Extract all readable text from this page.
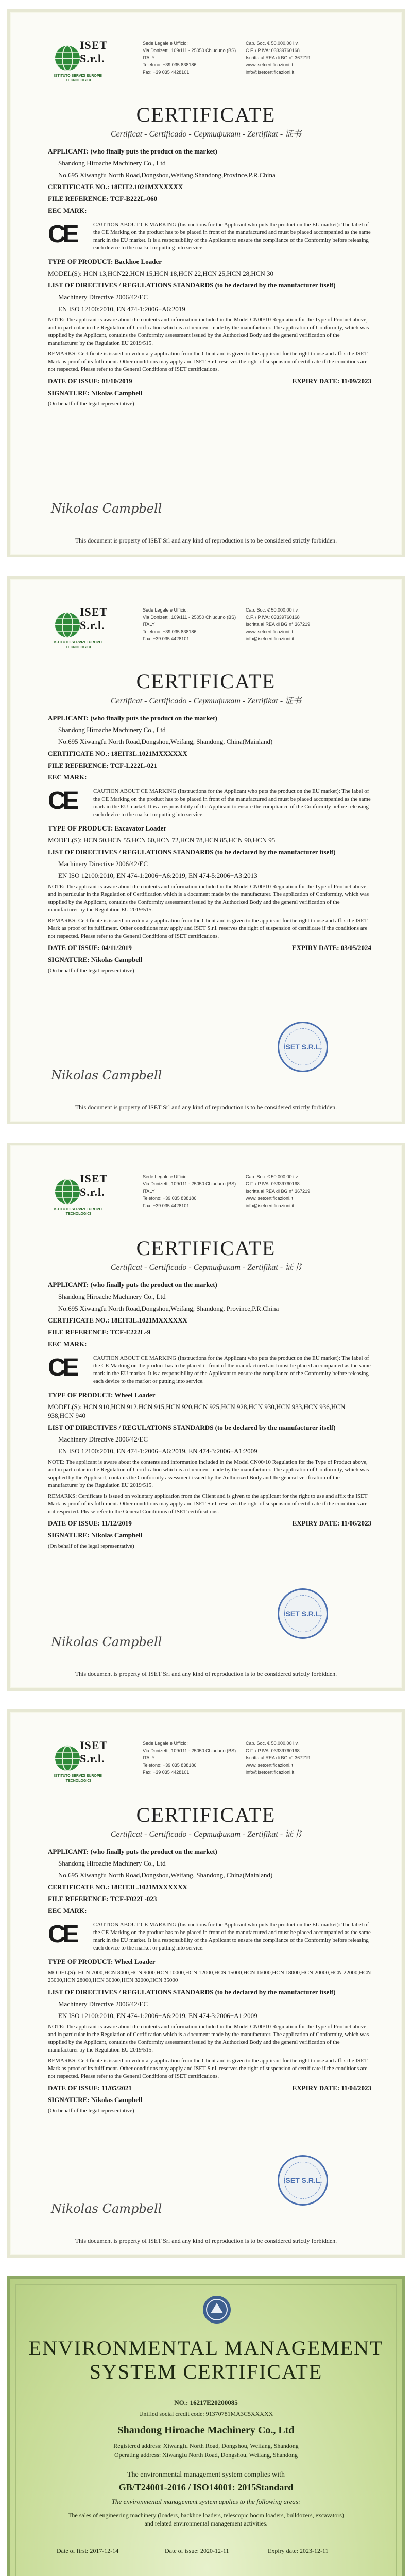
ISET S.r.l.
ISTITUTO SERVIZI EUROPEI TECNOLOGICI
Sede Legale e Ufficio:
Via Donizetti, 109/111 - 25050 Chiuduno (BS)
ITALY
Telefono: +39 035 838186
Fax: +39 035 4428101
Cap. Soc. € 50.000,00 i.v.
C.F. / P.IVA: 03339760168
Iscritta al REA di BG n° 367219
www.isetcertificazioni.it
info@isetcertificazioni.it
CERTIFICATE
Certificat - Certificado - Сертификат - Zertifikat - 证书
APPLICANT: (who finally puts the product on the market)
Shandong Hiroache Machinery Co., Ltd
No.695 Xiwangfu North Road,Dongshou,Weifang,Shandong,Province,P.R.China
CERTIFICATE NO.: 18EIT2.1021MXXXXXX
FILE REFERENCE: TCF-B222L-060
EEC MARK:
CE	CAUTION ABOUT CE MARKING (Instructions for the Applicant who puts the product on the EU market): The label of the CE Marking on the product has to be placed in front of the manufactured and must be placed accompanied as the same mark in the EU market. It is a responsibility of the Applicant to ensure the compliance of the Conformity before releasing each device to the market or putting into service.
TYPE OF PRODUCT: Backhoe Loader
MODEL(S): HCN 13,HCN22,HCN 15,HCN 18,HCN 22,HCN 25,HCN 28,HCN 30
LIST OF DIRECTIVES / REGULATIONS STANDARDS (to be declared by the manufacturer itself)
Machinery Directive 2006/42/EC
EN ISO 12100:2010, EN 474-1:2006+A6:2019
NOTE: The applicant is aware about the contents and information included in the Model CN00/10 Regulation for the Type of Product above, and in particular in the Regulation of Certification which is a document made by the manufacturer. The application of Conformity, which was supplied by the Applicant, contains the Conformity assessment issued by the Authorized Body and the general verification of the manufacturer by the Regulation EU 2019/515.
REMARKS: Certificate is issued on voluntary application from the Client and is given to the applicant for the right to use and affix the ISET Mark as proof of its fulfilment. Other conditions may apply and ISET S.r.l. reserves the right of suspension of certificate if the conditions are not respected. Please refer to the General Conditions of ISET certifications.
DATE OF ISSUE: 01/10/2019	EXPIRY DATE: 11/09/2023
SIGNATURE: Nikolas Campbell
(On behalf of the legal representative)
Nikolas Campbell
This document is property of ISET Srl and any kind of reproduction is to be considered strictly forbidden.
ISET S.r.l.
ISTITUTO SERVIZI EUROPEI TECNOLOGICI
Sede Legale e Ufficio:
Via Donizetti, 109/111 - 25050 Chiuduno (BS)
ITALY
Telefono: +39 035 838186
Fax: +39 035 4428101
Cap. Soc. € 50.000,00 i.v.
C.F. / P.IVA: 03339760168
Iscritta al REA di BG n° 367219
www.isetcertificazioni.it
info@isetcertificazioni.it
CERTIFICATE
Certificat - Certificado - Сертификат - Zertifikat - 证书
APPLICANT: (who finally puts the product on the market)
Shandong Hiroache Machinery Co., Ltd
No.695 Xiwangfu North Road,Dongshou,Weifang, Shandong, China(Mainland)
CERTIFICATE NO.: 18EIT3L.1021MXXXXXX
FILE REFERENCE: TCF-L222L-021
EEC MARK:
CE	CAUTION ABOUT CE MARKING (Instructions for the Applicant who puts the product on the EU market): The label of the CE Marking on the product has to be placed in front of the manufactured and must be placed accompanied as the same mark in the EU market. It is a responsibility of the Applicant to ensure the compliance of the Conformity before releasing each device to the market or putting into service.
TYPE OF PRODUCT: Excavator Loader
MODEL(S): HCN 50,HCN 55,HCN 60,HCN 72,HCN 78,HCN 85,HCN 90,HCN 95
LIST OF DIRECTIVES / REGULATIONS STANDARDS (to be declared by the manufacturer itself)
Machinery Directive 2006/42/EC
EN ISO 12100:2010, EN 474-1:2006+A6:2019, EN 474-5:2006+A3:2013
NOTE: The applicant is aware about the contents and information included in the Model CN00/10 Regulation for the Type of Product above, and in particular in the Regulation of Certification which is a document made by the manufacturer. The application of Conformity, which was supplied by the Applicant, contains the Conformity assessment issued by the Authorized Body and the general verification of the manufacturer by the Regulation EU 2019/515.
REMARKS: Certificate is issued on voluntary application from the Client and is given to the applicant for the right to use and affix the ISET Mark as proof of its fulfilment. Other conditions may apply and ISET S.r.l. reserves the right of suspension of certificate if the conditions are not respected. Please refer to the General Conditions of ISET certifications.
DATE OF ISSUE: 04/11/2019	EXPIRY DATE: 03/05/2024
SIGNATURE: Nikolas Campbell
(On behalf of the legal representative)
ISET S.R.L.
Nikolas Campbell
This document is property of ISET Srl and any kind of reproduction is to be considered strictly forbidden.
ISET S.r.l.
ISTITUTO SERVIZI EUROPEI TECNOLOGICI
Sede Legale e Ufficio:
Via Donizetti, 109/111 - 25050 Chiuduno (BS)
ITALY
Telefono: +39 035 838186
Fax: +39 035 4428101
Cap. Soc. € 50.000,00 i.v.
C.F. / P.IVA: 03339760168
Iscritta al REA di BG n° 367219
www.isetcertificazioni.it
info@isetcertificazioni.it
CERTIFICATE
Certificat - Certificado - Сертификат - Zertifikat - 证书
APPLICANT: (who finally puts the product on the market)
Shandong Hiroache Machinery Co., Ltd
No.695 Xiwangfu North Road,Dongshou,Weifang, Shandong, Province,P.R.China
CERTIFICATE NO.: 18EIT3L.1021MXXXXXX
FILE REFERENCE: TCF-E222L-9
EEC MARK:
CE	CAUTION ABOUT CE MARKING (Instructions for the Applicant who puts the product on the EU market): The label of the CE Marking on the product has to be placed in front of the manufactured and must be placed accompanied as the same mark in the EU market. It is a responsibility of the Applicant to ensure the compliance of the Conformity before releasing each device to the market or putting into service.
TYPE OF PRODUCT: Wheel Loader
MODEL(S): HCN 910,HCN 912,HCN 915,HCN 920,HCN 925,HCN 928,HCN 930,HCN 933,HCN 936,HCN 938,HCN 940
LIST OF DIRECTIVES / REGULATIONS STANDARDS (to be declared by the manufacturer itself)
Machinery Directive 2006/42/EC
EN ISO 12100:2010, EN 474-1:2006+A6:2019, EN 474-3:2006+A1:2009
NOTE: The applicant is aware about the contents and information included in the Model CN00/10 Regulation for the Type of Product above, and in particular in the Regulation of Certification which is a document made by the manufacturer. The application of Conformity, which was supplied by the Applicant, contains the Conformity assessment issued by the Authorized Body and the general verification of the manufacturer by the Regulation EU 2019/515.
REMARKS: Certificate is issued on voluntary application from the Client and is given to the applicant for the right to use and affix the ISET Mark as proof of its fulfilment. Other conditions may apply and ISET S.r.l. reserves the right of suspension of certificate if the conditions are not respected. Please refer to the General Conditions of ISET certifications.
DATE OF ISSUE: 11/12/2019	EXPIRY DATE: 11/06/2023
SIGNATURE: Nikolas Campbell
(On behalf of the legal representative)
ISET S.R.L.
Nikolas Campbell
This document is property of ISET Srl and any kind of reproduction is to be considered strictly forbidden.
ISET S.r.l.
ISTITUTO SERVIZI EUROPEI TECNOLOGICI
Sede Legale e Ufficio:
Via Donizetti, 109/111 - 25050 Chiuduno (BS)
ITALY
Telefono: +39 035 838186
Fax: +39 035 4428101
Cap. Soc. € 50.000,00 i.v.
C.F. / P.IVA: 03339760168
Iscritta al REA di BG n° 367219
www.isetcertificazioni.it
info@isetcertificazioni.it
CERTIFICATE
Certificat - Certificado - Сертификат - Zertifikat - 证书
APPLICANT: (who finally puts the product on the market)
Shandong Hiroache Machinery Co., Ltd
No.695 Xiwangfu North Road,Dongshou,Weifang, Shandong, China(Mainland)
CERTIFICATE NO.: 18EIT3L.1021MXXXXXX
FILE REFERENCE: TCF-F022L-023
EEC MARK:
CE	CAUTION ABOUT CE MARKING (Instructions for the Applicant who puts the product on the EU market): The label of the CE Marking on the product has to be placed in front of the manufactured and must be placed accompanied as the same mark in the EU market. It is a responsibility of the Applicant to ensure the compliance of the Conformity before releasing each device to the market or putting into service.
TYPE OF PRODUCT: Wheel Loader
MODEL(S): HCN 7000,HCN 8000,HCN 9000,HCN 10000,HCN 12000,HCN 15000,HCN 16000,HCN 18000,HCN 20000,HCN 22000,HCN 25000,HCN 28000,HCN 30000,HCN 32000,HCN 35000
LIST OF DIRECTIVES / REGULATIONS STANDARDS (to be declared by the manufacturer itself)
Machinery Directive 2006/42/EC
EN ISO 12100:2010, EN 474-1:2006+A6:2019, EN 474-3:2006+A1:2009
NOTE: The applicant is aware about the contents and information included in the Model CN00/10 Regulation for the Type of Product above, and in particular in the Regulation of Certification which is a document made by the manufacturer. The application of Conformity, which was supplied by the Applicant, contains the Conformity assessment issued by the Authorized Body and the general verification of the manufacturer by the Regulation EU 2019/515.
REMARKS: Certificate is issued on voluntary application from the Client and is given to the applicant for the right to use and affix the ISET Mark as proof of its fulfilment. Other conditions may apply and ISET S.r.l. reserves the right of suspension of certificate if the conditions are not respected. Please refer to the General Conditions of ISET certifications.
DATE OF ISSUE: 11/05/2021	EXPIRY DATE: 11/04/2023
SIGNATURE: Nikolas Campbell
(On behalf of the legal representative)
ISET S.R.L.
Nikolas Campbell
This document is property of ISET Srl and any kind of reproduction is to be considered strictly forbidden.
ENVIRONMENTAL MANAGEMENT
SYSTEM CERTIFICATE
NO.: 16217E20200085
Unified social credit code: 91370781MA3C5XXXXX
Shandong Hiroache Machinery Co., Ltd
Registered address: Xiwangfu North Road, Dongshou, Weifang, Shandong
Operating address: Xiwangfu North Road, Dongshou, Weifang, Shandong
The environmental management system complies with
GB/T24001-2016 / ISO14001: 2015Standard
The environmental management system applies to the following areas:
The sales of engineering machinery (loaders, backhoe loaders, telescopic boom loaders, bulldozers, excavators) and related environmental management activities.
Date of first: 2017-12-14	Date of issue: 2020-12-11	Expiry date: 2023-12-11
